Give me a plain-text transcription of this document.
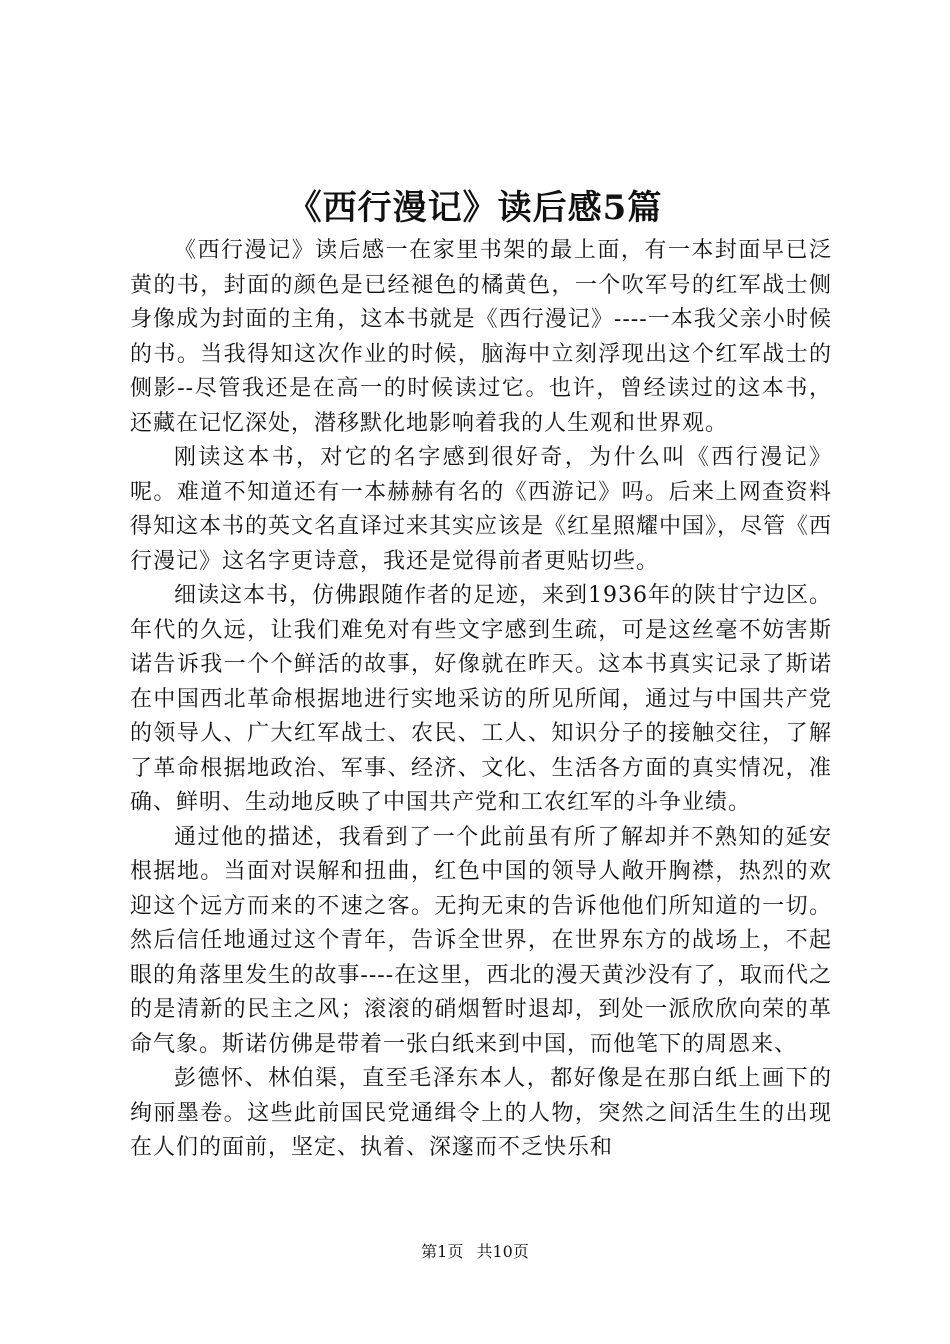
《西行漫记》读后感5篇

《西行漫记》读后感一在家里书架的最上面，有一本封面早已泛黄的书，封面的颜色是已经褪色的橘黄色，一个吹军号的红军战士侧身像成为封面的主角，这本书就是《西行漫记》----一本我父亲小时候的书。当我得知这次作业的时候，脑海中立刻浮现出这个红军战士的侧影--尽管我还是在高一的时候读过它。也许，曾经读过的这本书，还藏在记忆深处，潜移默化地影响着我的人生观和世界观。

刚读这本书，对它的名字感到很好奇，为什么叫《西行漫记》呢。难道不知道还有一本赫赫有名的《西游记》吗。后来上网查资料得知这本书的英文名直译过来其实应该是《红星照耀中国》，尽管《西行漫记》这名字更诗意，我还是觉得前者更贴切些。

细读这本书，仿佛跟随作者的足迹，来到1936年的陕甘宁边区。年代的久远，让我们难免对有些文字感到生疏，可是这丝毫不妨害斯诺告诉我一个个鲜活的故事，好像就在昨天。这本书真实记录了斯诺在中国西北革命根据地进行实地采访的所见所闻，通过与中国共产党的领导人、广大红军战士、农民、工人、知识分子的接触交往，了解了革命根据地政治、军事、经济、文化、生活各方面的真实情况，准确、鲜明、生动地反映了中国共产党和工农红军的斗争业绩。

通过他的描述，我看到了一个此前虽有所了解却并不熟知的延安根据地。当面对误解和扭曲，红色中国的领导人敞开胸襟，热烈的欢迎这个远方而来的不速之客。无拘无束的告诉他他们所知道的一切。然后信任地通过这个青年，告诉全世界，在世界东方的战场上，不起眼的角落里发生的故事----在这里，西北的漫天黄沙没有了，取而代之的是清新的民主之风；滚滚的硝烟暂时退却，到处一派欣欣向荣的革命气象。斯诺仿佛是带着一张白纸来到中国，而他笔下的周恩来、

彭德怀、林伯渠，直至毛泽东本人，都好像是在那白纸上画下的绚丽墨卷。这些此前国民党通缉令上的人物，突然之间活生生的出现在人们的面前，坚定、执着、深邃而不乏快乐和

第1页 共10页
